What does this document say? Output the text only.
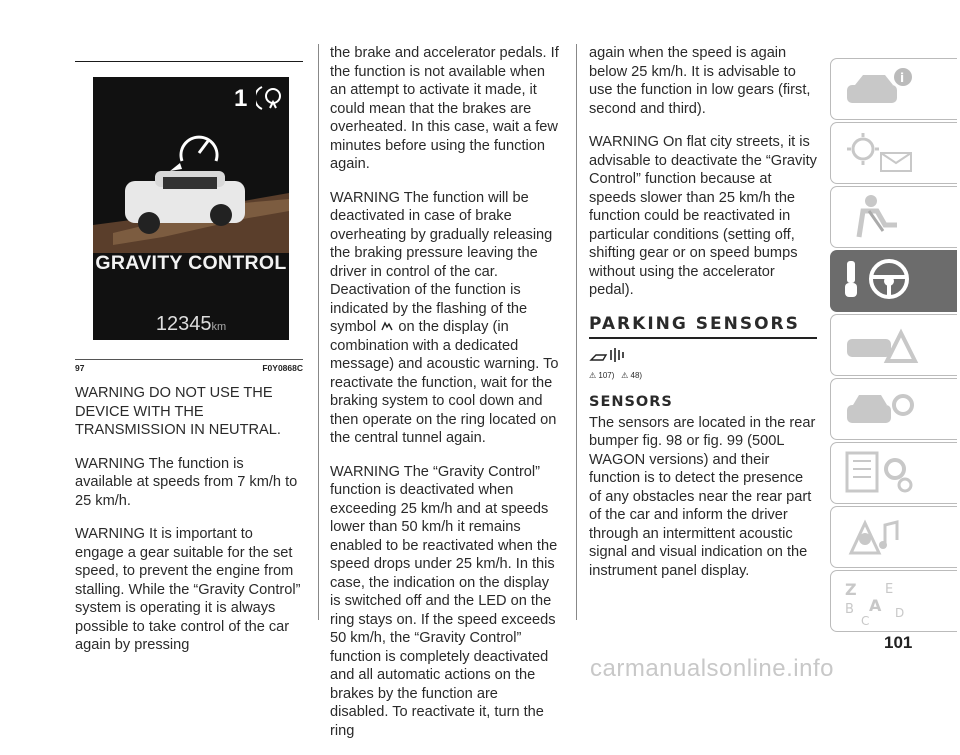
1
GRAVITY CONTROL
12345km
97	F0Y0868C

WARNING DO NOT USE THE DEVICE WITH THE TRANSMISSION IN NEUTRAL.

WARNING The function is available at speeds from 7 km/h to 25 km/h.

WARNING It is important to engage a gear suitable for the set speed, to prevent the engine from stalling. While the “Gravity Control” system is operating it is always possible to take control of the car again by pressing

the brake and accelerator pedals. If the function is not available when an attempt to activate it made, it could mean that the brakes are overheated. In this case, wait a few minutes before using the function again.

WARNING The function will be deactivated in case of brake overheating by gradually releasing the braking pressure leaving the driver in control of the car. Deactivation of the function is indicated by the flashing of the symbol on the display (in combination with a dedicated message) and acoustic warning. To reactivate the function, wait for the braking system to cool down and then operate on the ring located on the central tunnel again.

WARNING The “Gravity Control” function is deactivated when exceeding 25 km/h and at speeds lower than 50 km/h it remains enabled to be reactivated when the speed drops under 25 km/h. In this case, the indication on the display is switched off and the LED on the ring stays on. If the speed exceeds 50 km/h, the “Gravity Control” function is completely deactivated and all automatic actions on the brakes by the function are disabled. To reactivate it, turn the ring

again when the speed is again below 25 km/h. It is advisable to use the function in low gears (first, second and third).

WARNING On flat city streets, it is advisable to deactivate the “Gravity Control” function because at speeds slower than 25 km/h the function could be reactivated in particular conditions (setting off, shifting gear or on speed bumps without using the accelerator pedal).

PARKING SENSORS
⚠ 107) ⚠ 48)
SENSORS

The sensors are located in the rear bumper fig. 98 or fig. 99 (500L WAGON versions) and their function is to detect the presence of any obstacles near the rear part of the car and inform the driver through an intermittent acoustic signal and visual indication on the instrument panel display.

i
Z E
B A
C
D
101
carmanualsonline.info
